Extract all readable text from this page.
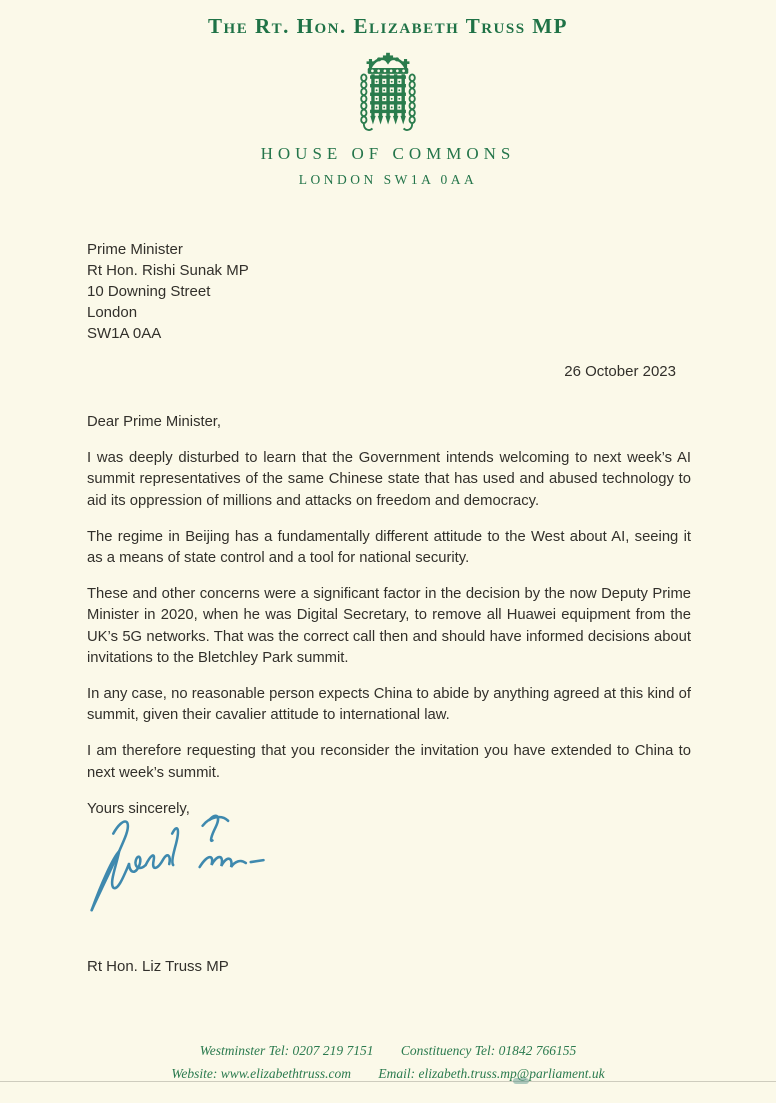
The Rt. Hon. Elizabeth Truss MP
HOUSE OF COMMONS
LONDON SW1A 0AA
Prime Minister
Rt Hon. Rishi Sunak MP
10 Downing Street
London
SW1A 0AA
26 October 2023

Dear Prime Minister,

I was deeply disturbed to learn that the Government intends welcoming to next week’s AI summit representatives of the same Chinese state that has used and abused technology to aid its oppression of millions and attacks on freedom and democracy.

The regime in Beijing has a fundamentally different attitude to the West about AI, seeing it as a means of state control and a tool for national security.

These and other concerns were a significant factor in the decision by the now Deputy Prime Minister in 2020, when he was Digital Secretary, to remove all Huawei equipment from the UK’s 5G networks. That was the correct call then and should have informed decisions about invitations to the Bletchley Park summit.

In any case, no reasonable person expects China to abide by anything agreed at this kind of summit, given their cavalier attitude to international law.

I am therefore requesting that you reconsider the invitation you have extended to China to next week’s summit.

Yours sincerely,

Rt Hon. Liz Truss MP
Westminster Tel: 0207 219 7151 Constituency Tel: 01842 766155
Website: www.elizabethtruss.com Email: elizabeth.truss.mp@parliament.uk
